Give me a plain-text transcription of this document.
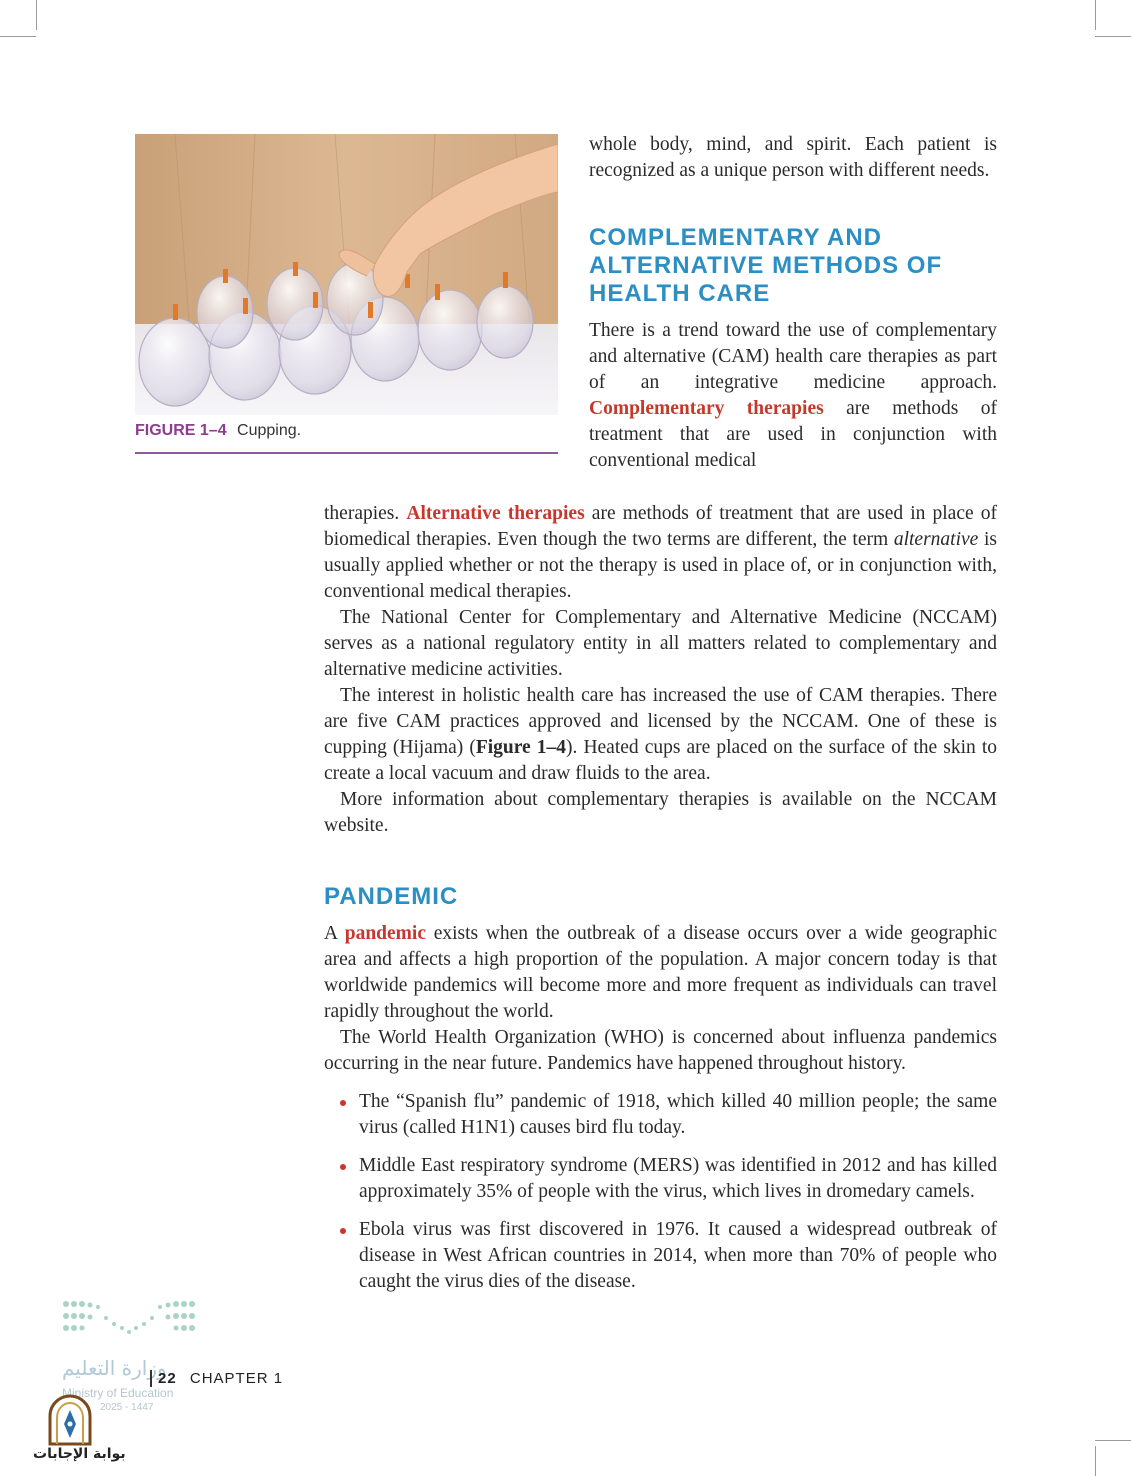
FIGURE 1–4 Cupping.

whole body, mind, and spirit. Each patient is recognized as a unique person with different needs.

COMPLEMENTARY AND

ALTERNATIVE METHODS OF

HEALTH CARE

There is a trend toward the use of complementary and alternative (CAM) health care therapies as part of an integrative medicine approach. Complementary therapies are methods of treatment that are used in conjunction with conventional medical

therapies. Alternative therapies are methods of treatment that are used in place of biomedical therapies. Even though the two terms are different, the term alternative is usually applied whether or not the therapy is used in place of, or in conjunction with, conventional medical therapies.

The National Center for Complementary and Alternative Medicine (NCCAM) serves as a national regulatory entity in all matters related to complementary and alternative medicine activities.

The interest in holistic health care has increased the use of CAM therapies. There are five CAM practices approved and licensed by the NCCAM. One of these is cupping (Hijama) (Figure 1–4). Heated cups are placed on the surface of the skin to create a local vacuum and draw fluids to the area.

More information about complementary therapies is available on the NCCAM website.

PANDEMIC

A pandemic exists when the outbreak of a disease occurs over a wide geographic area and affects a high proportion of the population. A major concern today is that worldwide pandemics will become more and more frequent as individuals can travel rapidly throughout the world.

The World Health Organization (WHO) is concerned about influenza pandemics occurring in the near future. Pandemics have happened throughout history.

The “Spanish flu” pandemic of 1918, which killed 40 million people; the same virus (called H1N1) causes bird flu today.
Middle East respiratory syndrome (MERS) was identified in 2012 and has killed approximately 35% of people with the virus, which lives in dromedary camels.
Ebola virus was first discovered in 1976. It caused a widespread outbreak of disease in West African countries in 2014, when more than 70% of people who caught the virus dies of the disease.
وزارة التعليم
Ministry of Education
2025 - 1447
22 CHAPTER 1
بوابة الإجابات
